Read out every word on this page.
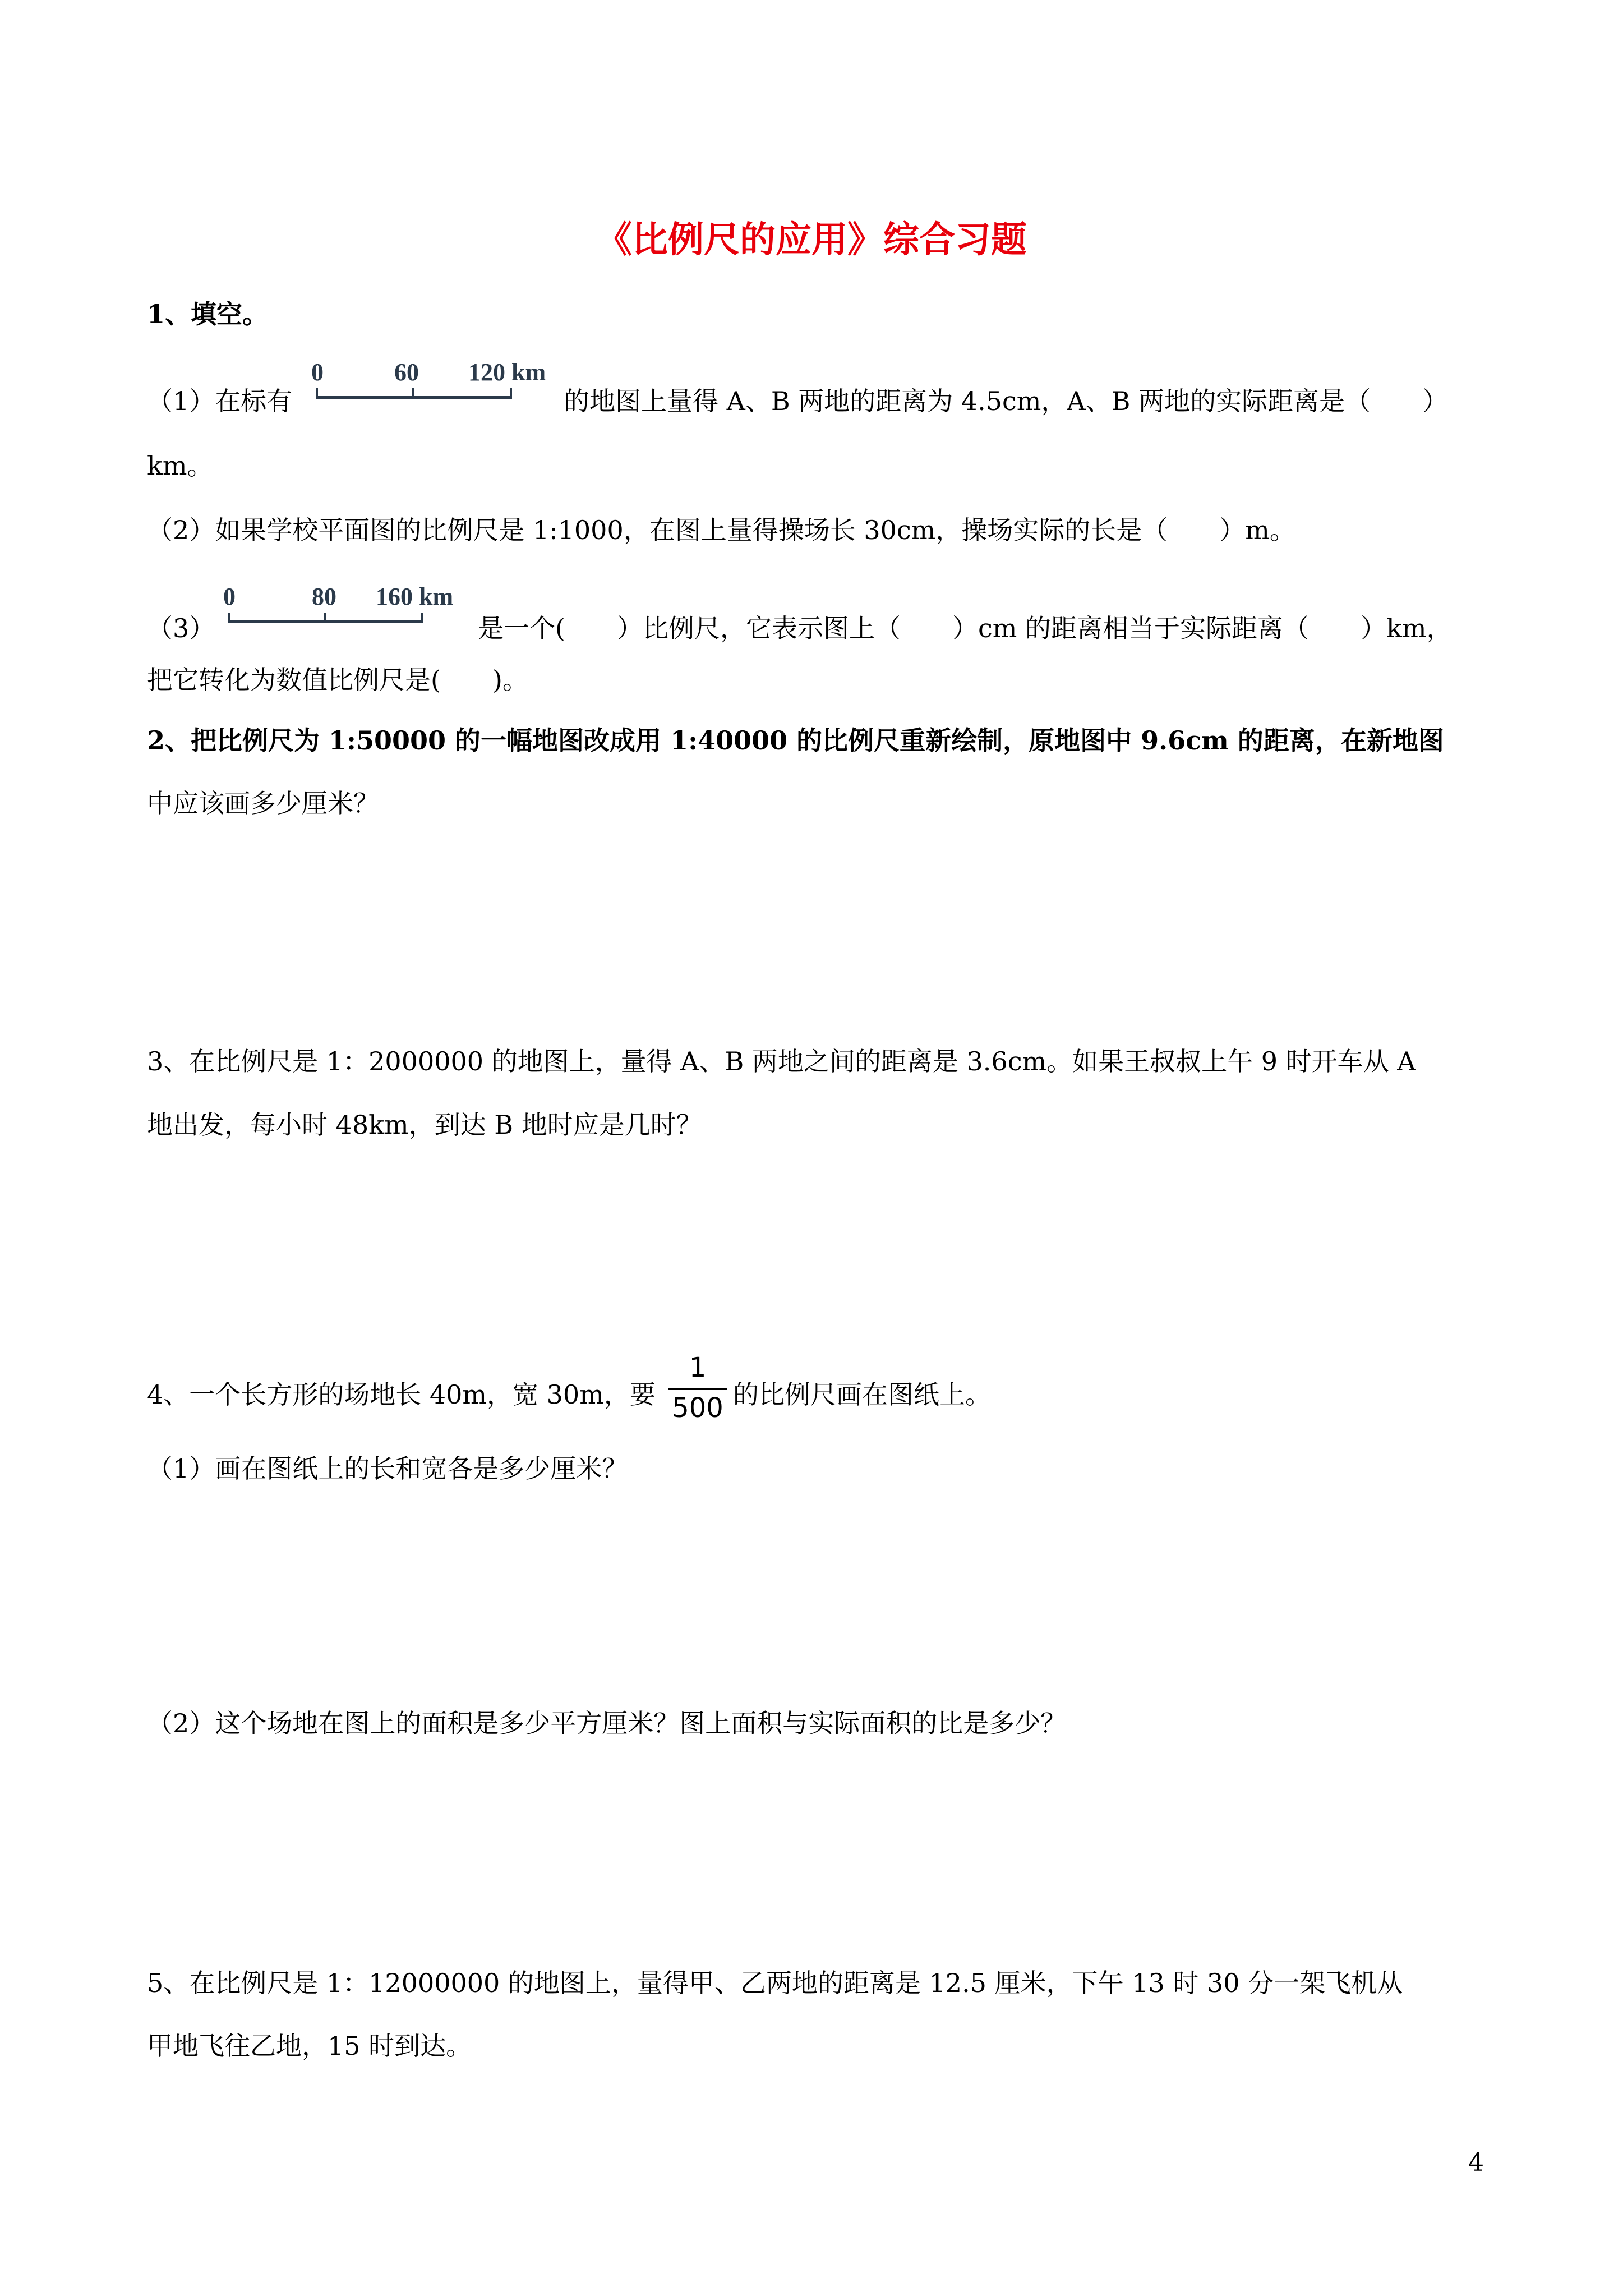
《比例尺的应用》综合习题
1、填空。
（1）在标有
0	60 120 km
的地图上量得 A、B 两地的距离为 4.5cm，A、B 两地的实际距离是（　　）
km。
（2）如果学校平面图的比例尺是 1:1000，在图上量得操场长 30cm，操场实际的长是（　　）m。
（3）
0	80 160 km
是一个(　　）比例尺，它表示图上（　　）cm 的距离相当于实际距离（　　）km，
把它转化为数值比例尺是(　　)。
2、把比例尺为 1:50000 的一幅地图改成用 1:40000 的比例尺重新绘制，原地图中 9.6cm 的距离，在新地图
中应该画多少厘米？
3、在比例尺是 1：2000000 的地图上，量得 A、B 两地之间的距离是 3.6cm。如果王叔叔上午 9 时开车从 A
地出发，每小时 48km，到达 B 地时应是几时？
4、一个长方形的场地长 40m，宽 30m，要
1
500 的比例尺画在图纸上。
（1）画在图纸上的长和宽各是多少厘米？
（2）这个场地在图上的面积是多少平方厘米？图上面积与实际面积的比是多少？
5、在比例尺是 1：12000000 的地图上，量得甲、乙两地的距离是 12.5 厘米，下午 13 时 30 分一架飞机从
甲地飞往乙地，15 时到达。
4
